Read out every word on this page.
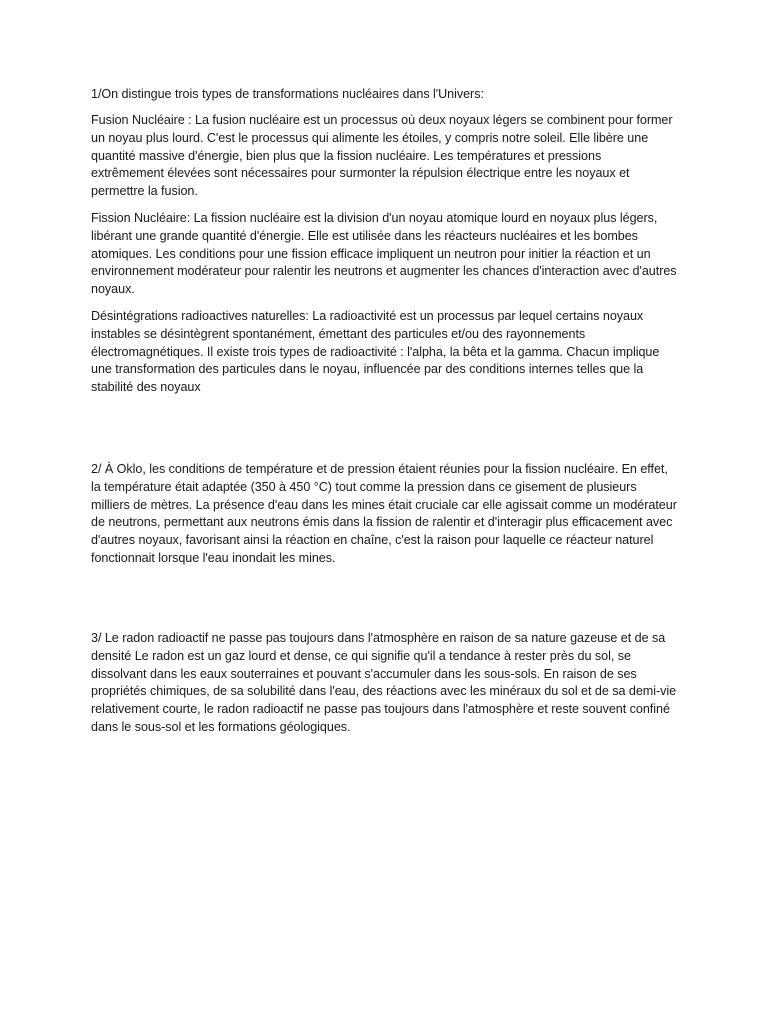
1/On distingue trois types de transformations nucléaires dans l'Univers:

Fusion Nucléaire : La fusion nucléaire est un processus où deux noyaux légers se combinent pour former un noyau plus lourd. C'est le processus qui alimente les étoiles, y compris notre soleil. Elle libère une quantité massive d'énergie, bien plus que la fission nucléaire. Les températures et pressions extrêmement élevées sont nécessaires pour surmonter la répulsion électrique entre les noyaux et permettre la fusion.

Fission Nucléaire: La fission nucléaire est la division d'un noyau atomique lourd en noyaux plus légers, libérant une grande quantité d'énergie. Elle est utilisée dans les réacteurs nucléaires et les bombes atomiques. Les conditions pour une fission efficace impliquent un neutron pour initier la réaction et un environnement modérateur pour ralentir les neutrons et augmenter les chances d'interaction avec d'autres noyaux.

Désintégrations radioactives naturelles: La radioactivité est un processus par lequel certains noyaux instables se désintègrent spontanément, émettant des particules et/ou des rayonnements électromagnétiques. Il existe trois types de radioactivité : l'alpha, la bêta et la gamma. Chacun implique une transformation des particules dans le noyau, influencée par des conditions internes telles que la stabilité des noyaux

2/ À Oklo, les conditions de température et de pression étaient réunies pour la fission nucléaire. En effet, la température était adaptée (350 à 450 °C) tout comme la pression dans ce gisement de plusieurs milliers de mètres. La présence d'eau dans les mines était cruciale car elle agissait comme un modérateur de neutrons, permettant aux neutrons émis dans la fission de ralentir et d'interagir plus efficacement avec d'autres noyaux, favorisant ainsi la réaction en chaîne, c'est la raison pour laquelle ce réacteur naturel fonctionnait lorsque l'eau inondait les mines.

3/ Le radon radioactif ne passe pas toujours dans l'atmosphère en raison de sa nature gazeuse et de sa densité Le radon est un gaz lourd et dense, ce qui signifie qu'il a tendance à rester près du sol, se dissolvant dans les eaux souterraines et pouvant s'accumuler dans les sous-sols. En raison de ses propriétés chimiques, de sa solubilité dans l'eau, des réactions avec les minéraux du sol et de sa demi-vie relativement courte, le radon radioactif ne passe pas toujours dans l'atmosphère et reste souvent confiné dans le sous-sol et les formations géologiques.
